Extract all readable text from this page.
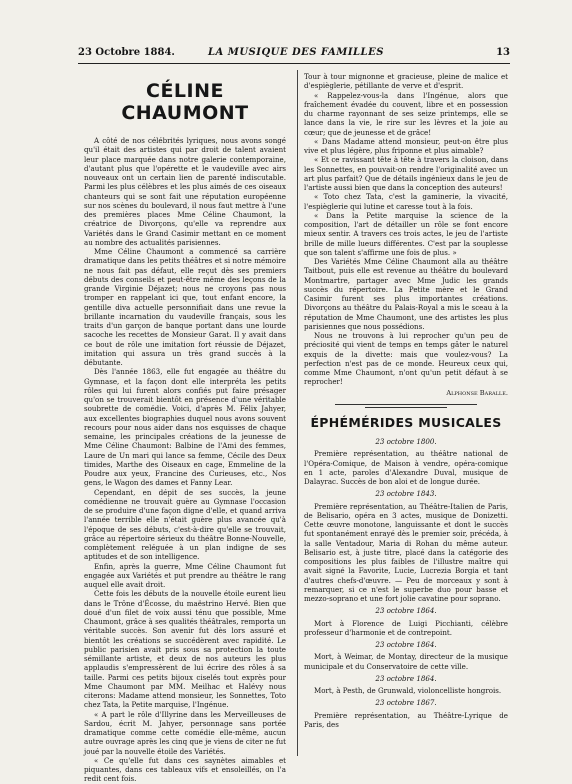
23 Octobre 1884.	LA MUSIQUE DES FAMILLES	13
CÉLINE CHAUMONT

A côté de nos célébrités lyriques, nous avons songé qu'il était des artistes qui par droit de talent avaient leur place marquée dans notre galerie contemporaine, d'autant plus que l'opérette et le vaudeville avec airs nouveaux ont un certain lien de parenté indiscutable. Parmi les plus célèbres et les plus aimés de ces oiseaux chanteurs qui se sont fait une réputation européenne sur nos scènes du boulevard, il nous faut mettre à l'une des premières places Mme Céline Chaumont, la créatrice de Divorçons, qu'elle va reprendre aux Variétés dans le Grand Casimir mettant en ce moment au nombre des actualités parisiennes.

Mme Céline Chaumont a commencé sa carrière dramatique dans les petits théâtres et si notre mémoire ne nous fait pas défaut, elle reçut dès ses premiers débuts des conseils et peut-être même des leçons de la grande Virginie Déjazet; nous ne croyons pas nous tromper en rappelant ici que, tout enfant encore, la gentille diva actuelle personnifiait dans une revue la brillante incarnation du vaudeville français, sous les traits d'un garçon de banque portant dans une lourde sacoche les recettes de Monsieur Garat. Il y avait dans ce bout de rôle une imitation fort réussie de Déjazet, imitation qui assura un très grand succès à la débutante.

Dès l'année 1863, elle fut engagée au théâtre du Gymnase, et la façon dont elle interpréta les petits rôles qui lui furent alors confiés put faire présager qu'on se trouverait bientôt en présence d'une véritable soubrette de comédie. Voici, d'après M. Félix Jahyer, aux excellentes biographies duquel nous avons souvent recours pour nous aider dans nos esquisses de chaque semaine, les principales créations de la jeunesse de Mme Céline Chaumont: Balbine de l'Ami des femmes, Laure de Un mari qui lance sa femme, Cécile des Deux timides, Marthe des Oiseaux en cage, Emmeline de la Poudre aux yeux, Francine des Curieuses, etc., Nos gens, le Wagon des dames et Fanny Lear.

Cependant, en dépit de ses succès, la jeune comédienne ne trouvait guère au Gymnase l'occasion de se produire d'une façon digne d'elle, et quand arriva l'année terrible elle n'était guère plus avancée qu'à l'époque de ses débuts, c'est-à-dire qu'elle se trouvait, grâce au répertoire sérieux du théâtre Bonne-Nouvelle, complètement reléguée à un plan indigne de ses aptitudes et de son intelligence.

Enfin, après la guerre, Mme Céline Chaumont fut engagée aux Variétés et put prendre au théâtre le rang auquel elle avait droit.

Cette fois les débuts de la nouvelle étoile eurent lieu dans le Trône d'Écosse, du maëstrino Hervé. Bien que doué d'un filet de voix aussi ténu que possible, Mme Chaumont, grâce à ses qualités théâtrales, remporta un véritable succès. Son avenir fut dès lors assuré et bientôt les créations se succédèrent avec rapidité. Le public parisien avait pris sous sa protection la toute sémillante artiste, et deux de nos auteurs les plus applaudis s'empressèrent de lui écrire des rôles à sa taille. Parmi ces petits bijoux ciselés tout exprès pour Mme Chaumont par MM. Meilhac et Halévy nous citerons: Madame attend monsieur, les Sonnettes, Toto chez Tata, la Petite marquise, l'Ingénue.

« A part le rôle d'Illyrine dans les Merveilleuses de Sardou, écrit M. Jahyer, personnage sans portée dramatique comme cette comédie elle-même, aucun autre ouvrage après les cinq que je viens de citer ne fut joué par la nouvelle étoile des Variétés.

« Ce qu'elle fut dans ces saynètes aimables et piquantes, dans ces tableaux vifs et ensoleillés, on l'a redit cent fois.

Tour à tour mignonne et gracieuse, pleine de malice et d'espièglerie, pétillante de verve et d'esprit.

« Rappelez-vous-la dans l'Ingénue, alors que fraîchement évadée du couvent, libre et en possession du charme rayonnant de ses seize printemps, elle se lance dans la vie, le rire sur les lèvres et la joie au cœur; que de jeunesse et de grâce!

« Dans Madame attend monsieur, peut-on être plus vive et plus légère, plus friponne et plus aimable?

« Et ce ravissant tête à tête à travers la cloison, dans les Sonnettes, en pouvait-on rendre l'originalité avec un art plus parfait? Que de détails ingénieux dans le jeu de l'artiste aussi bien que dans la conception des auteurs!

« Toto chez Tata, c'est la gaminerie, la vivacité, l'espièglerie qui lutine et caresse tout à la fois.

« Dans la Petite marquise la science de la composition, l'art de détailler un rôle se font encore mieux sentir. A travers ces trois actes, le jeu de l'artiste brille de mille lueurs différentes. C'est par la souplesse que son talent s'affirme une fois de plus. »

Des Variétés Mme Céline Chaumont alla au théâtre Taitbout, puis elle est revenue au théâtre du boulevard Montmartre, partager avec Mme Judic les grands succès du répertoire. La Petite mère et le Grand Casimir furent ses plus importantes créations. Divorçons au théâtre du Palais-Royal a mis le sceau à la réputation de Mme Chaumont, une des artistes les plus parisiennes que nous possédions.

Nous ne trouvons à lui reprocher qu'un peu de préciosité qui vient de temps en temps gâter le naturel exquis de la divette: mais que voulez-vous? La perfection n'est pas de ce monde. Heureux ceux qui, comme Mme Chaumont, n'ont qu'un petit défaut à se reprocher!

Alphonse Baralle.
ÉPHÉMÉRIDES MUSICALES
23 octobre 1800.

Première représentation, au théâtre national de l'Opéra-Comique, de Maison à vendre, opéra-comique en 1 acte, paroles d'Alexandre Duval, musique de Dalayrac. Succès de bon aloi et de longue durée.

23 octobre 1843.

Première représentation, au Théâtre-Italien de Paris, de Belisario, opéra en 3 actes, musique de Donizetti. Cette œuvre monotone, languissante et dont le succès fut spontanément enrayé dès le premier soir, précéda, à la salle Ventadour, Maria di Rohan du même auteur. Belisario est, à juste titre, placé dans la catégorie des compositions les plus faibles de l'illustre maître qui avait signé la Favorite, Lucie, Lucrezia Borgia et tant d'autres chefs-d'œuvre. — Peu de morceaux y sont à remarquer, si ce n'est le superbe duo pour basse et mezzo-soprano et une fort jolie cavatine pour soprano.

23 octobre 1864.

Mort à Florence de Luigi Picchianti, célèbre professeur d'harmonie et de contrepoint.

23 octobre 1864.

Mort, à Weimar, de Montay, directeur de la musique municipale et du Conservatoire de cette ville.

23 octobre 1864.

Mort, à Pesth, de Grunwald, violoncelliste hongrois.

23 octobre 1867.

Première représentation, au Théâtre-Lyrique de Paris, des
